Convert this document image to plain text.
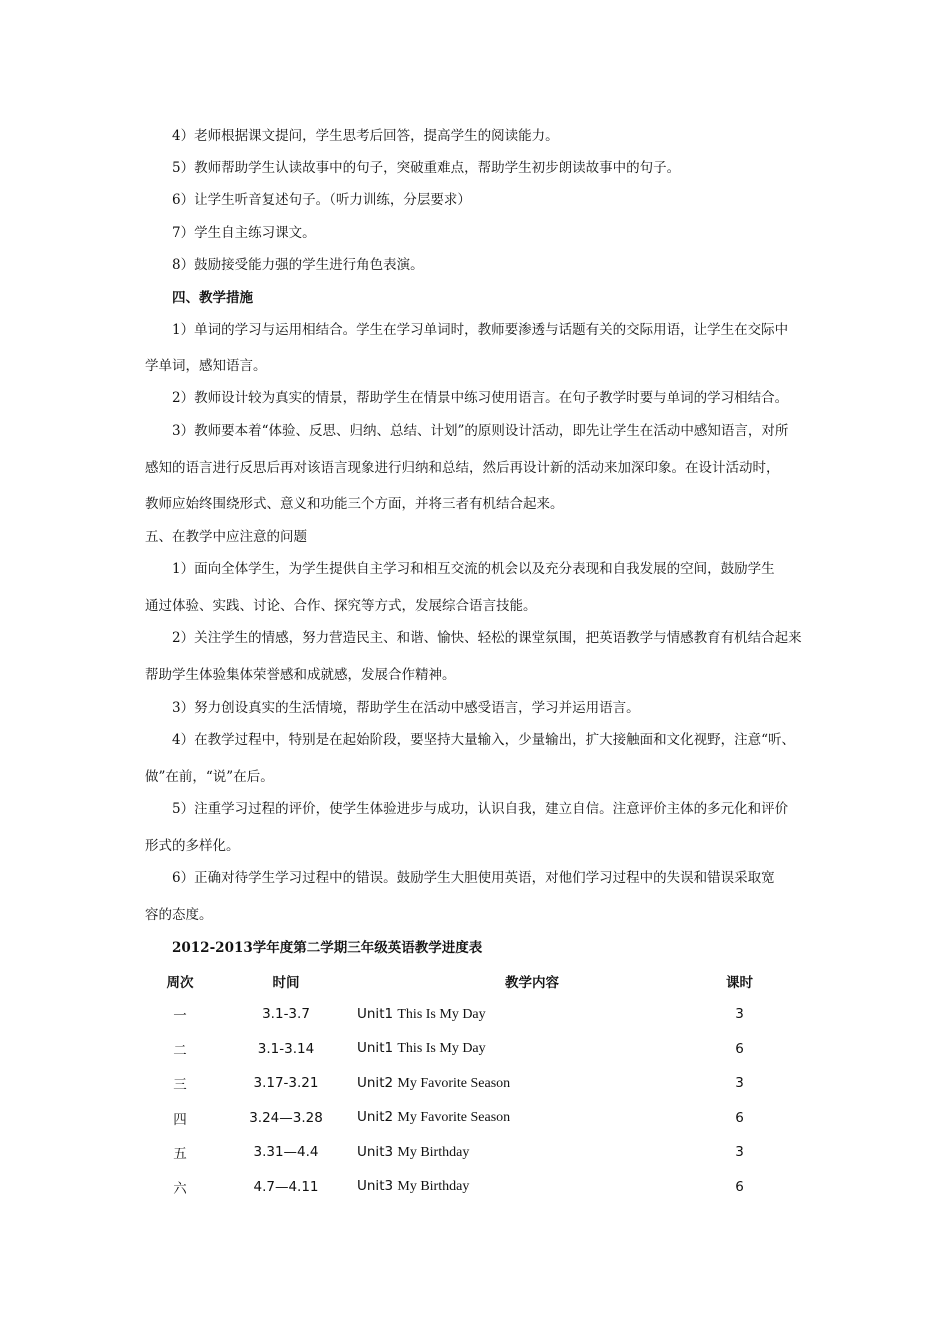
4）老师根据课文提问，学生思考后回答，提高学生的阅读能力。
5）教师帮助学生认读故事中的句子，突破重难点，帮助学生初步朗读故事中的句子。
6）让学生听音复述句子。（听力训练，分层要求）
7）学生自主练习课文。
8）鼓励接受能力强的学生进行角色表演。
四、教学措施
1）单词的学习与运用相结合。学生在学习单词时，教师要渗透与话题有关的交际用语，让学生在交际中
学单词，感知语言。
2）教师设计较为真实的情景，帮助学生在情景中练习使用语言。在句子教学时要与单词的学习相结合。
3）教师要本着“体验、反思、归纳、总结、计划”的原则设计活动，即先让学生在活动中感知语言，对所
感知的语言进行反思后再对该语言现象进行归纳和总结，然后再设计新的活动来加深印象。在设计活动时，
教师应始终围绕形式、意义和功能三个方面，并将三者有机结合起来。
五、在教学中应注意的问题
1）面向全体学生，为学生提供自主学习和相互交流的机会以及充分表现和自我发展的空间，鼓励学生
通过体验、实践、讨论、合作、探究等方式，发展综合语言技能。
2）关注学生的情感，努力营造民主、和谐、愉快、轻松的课堂氛围，把英语教学与情感教育有机结合起来
帮助学生体验集体荣誉感和成就感，发展合作精神。
3）努力创设真实的生活情境，帮助学生在活动中感受语言，学习并运用语言。
4）在教学过程中，特别是在起始阶段，要坚持大量输入，少量输出，扩大接触面和文化视野，注意“听、
做”在前，“说”在后。
5）注重学习过程的评价，使学生体验进步与成功，认识自我，建立自信。注意评价主体的多元化和评价
形式的多样化。
6）正确对待学生学习过程中的错误。鼓励学生大胆使用英语，对他们学习过程中的失误和错误采取宽
容的态度。
2012-2013学年度第二学期三年级英语教学进度表
周次	时间	教学内容	课时
一	3.1-3.7	Unit1 This Is My Day	3
二	3.1-3.14	Unit1 This Is My Day	6
三	3.17-3.21	Unit2 My Favorite Season	3
四	3.24—3.28	Unit2 My Favorite Season	6
五	3.31—4.4	Unit3 My Birthday	3
六	4.7—4.11	Unit3 My Birthday	6
